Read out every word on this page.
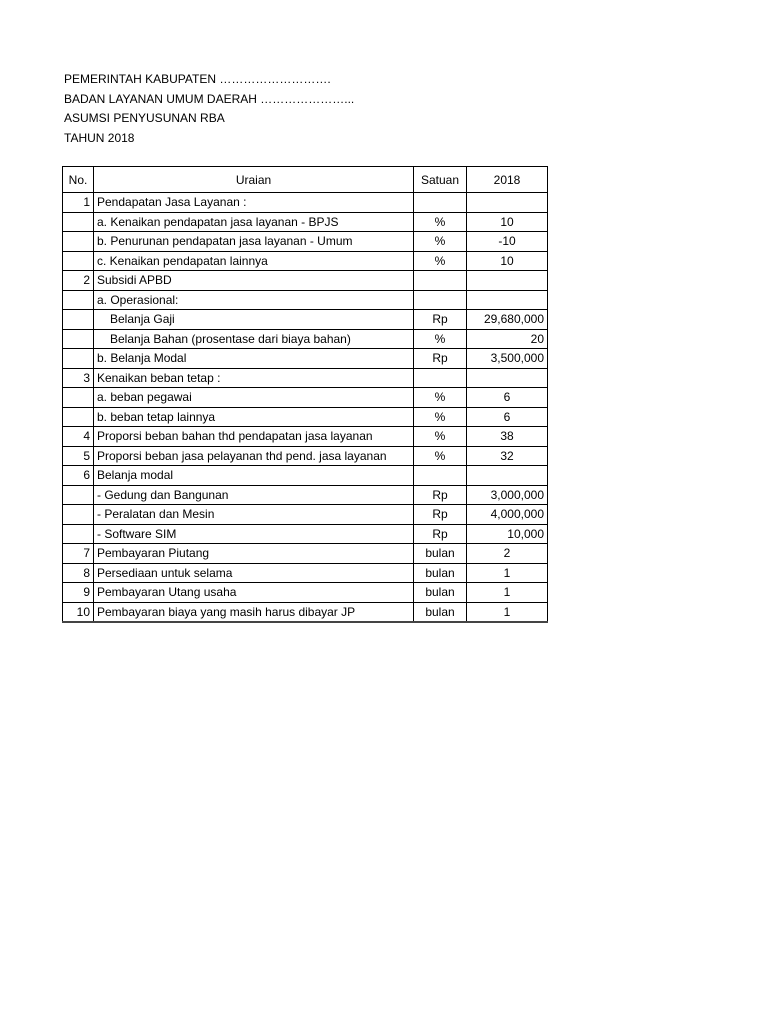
PEMERINTAH KABUPATEN ……………………….
BADAN LAYANAN UMUM DAERAH …………………...
ASUMSI PENYUSUNAN RBA
TAHUN 2018
No.	Uraian	Satuan	2018
1	Pendapatan Jasa Layanan :		
	a. Kenaikan pendapatan jasa layanan - BPJS	%	10
	b. Penurunan pendapatan jasa layanan - Umum	%	-10
	c. Kenaikan pendapatan lainnya	%	10
2	Subsidi APBD		
	a. Operasional:		
	Belanja Gaji	Rp	29,680,000
	Belanja Bahan (prosentase dari biaya bahan)	%	20
	b. Belanja Modal	Rp	3,500,000
3	Kenaikan beban tetap :		
	a. beban pegawai	%	6
	b. beban tetap lainnya	%	6
4	Proporsi beban bahan thd pendapatan jasa layanan	%	38
5	Proporsi beban jasa pelayanan thd pend. jasa layanan	%	32
6	Belanja modal		
	- Gedung dan Bangunan	Rp	3,000,000
	- Peralatan dan Mesin	Rp	4,000,000
	- Software SIM	Rp	10,000
7	Pembayaran Piutang	bulan	2
8	Persediaan untuk selama	bulan	1
9	Pembayaran Utang usaha	bulan	1
10	Pembayaran biaya yang masih harus dibayar JP	bulan	1
